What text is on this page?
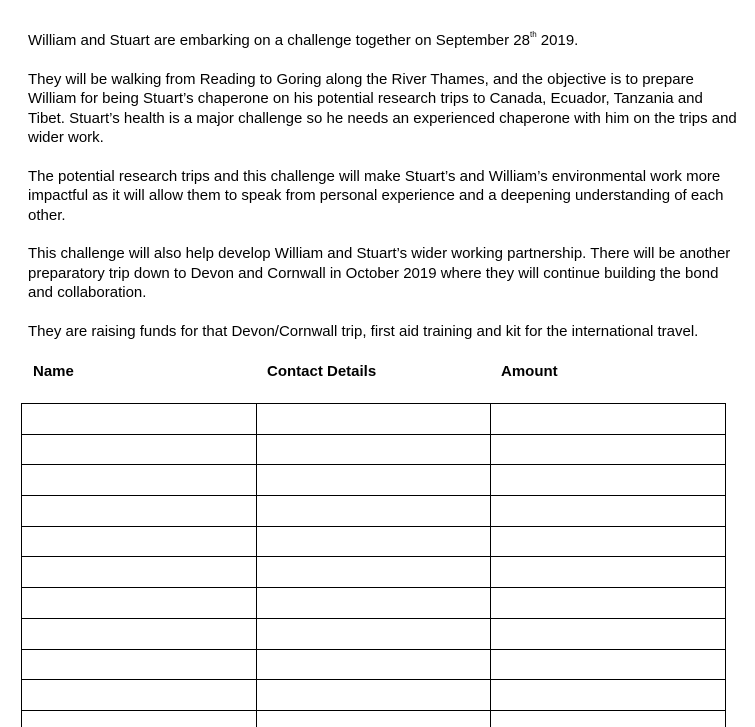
William and Stuart are embarking on a challenge together on September 28th 2019.

They will be walking from Reading to Goring along the River Thames, and the objective is to prepare William for being Stuart’s chaperone on his potential research trips to Canada, Ecuador, Tanzania and Tibet. Stuart’s health is a major challenge so he needs an experienced chaperone with him on the trips and wider work.

The potential research trips and this challenge will make Stuart’s and William’s environmental work more impactful as it will allow them to speak from personal experience and a deepening understanding of each other.

This challenge will also help develop William and Stuart’s wider working partnership. There will be another preparatory trip down to Devon and Cornwall in October 2019 where they will continue building the bond and collaboration.

They are raising funds for that Devon/Cornwall trip, first aid training and kit for the international travel.

Name	Contact Details	Amount
